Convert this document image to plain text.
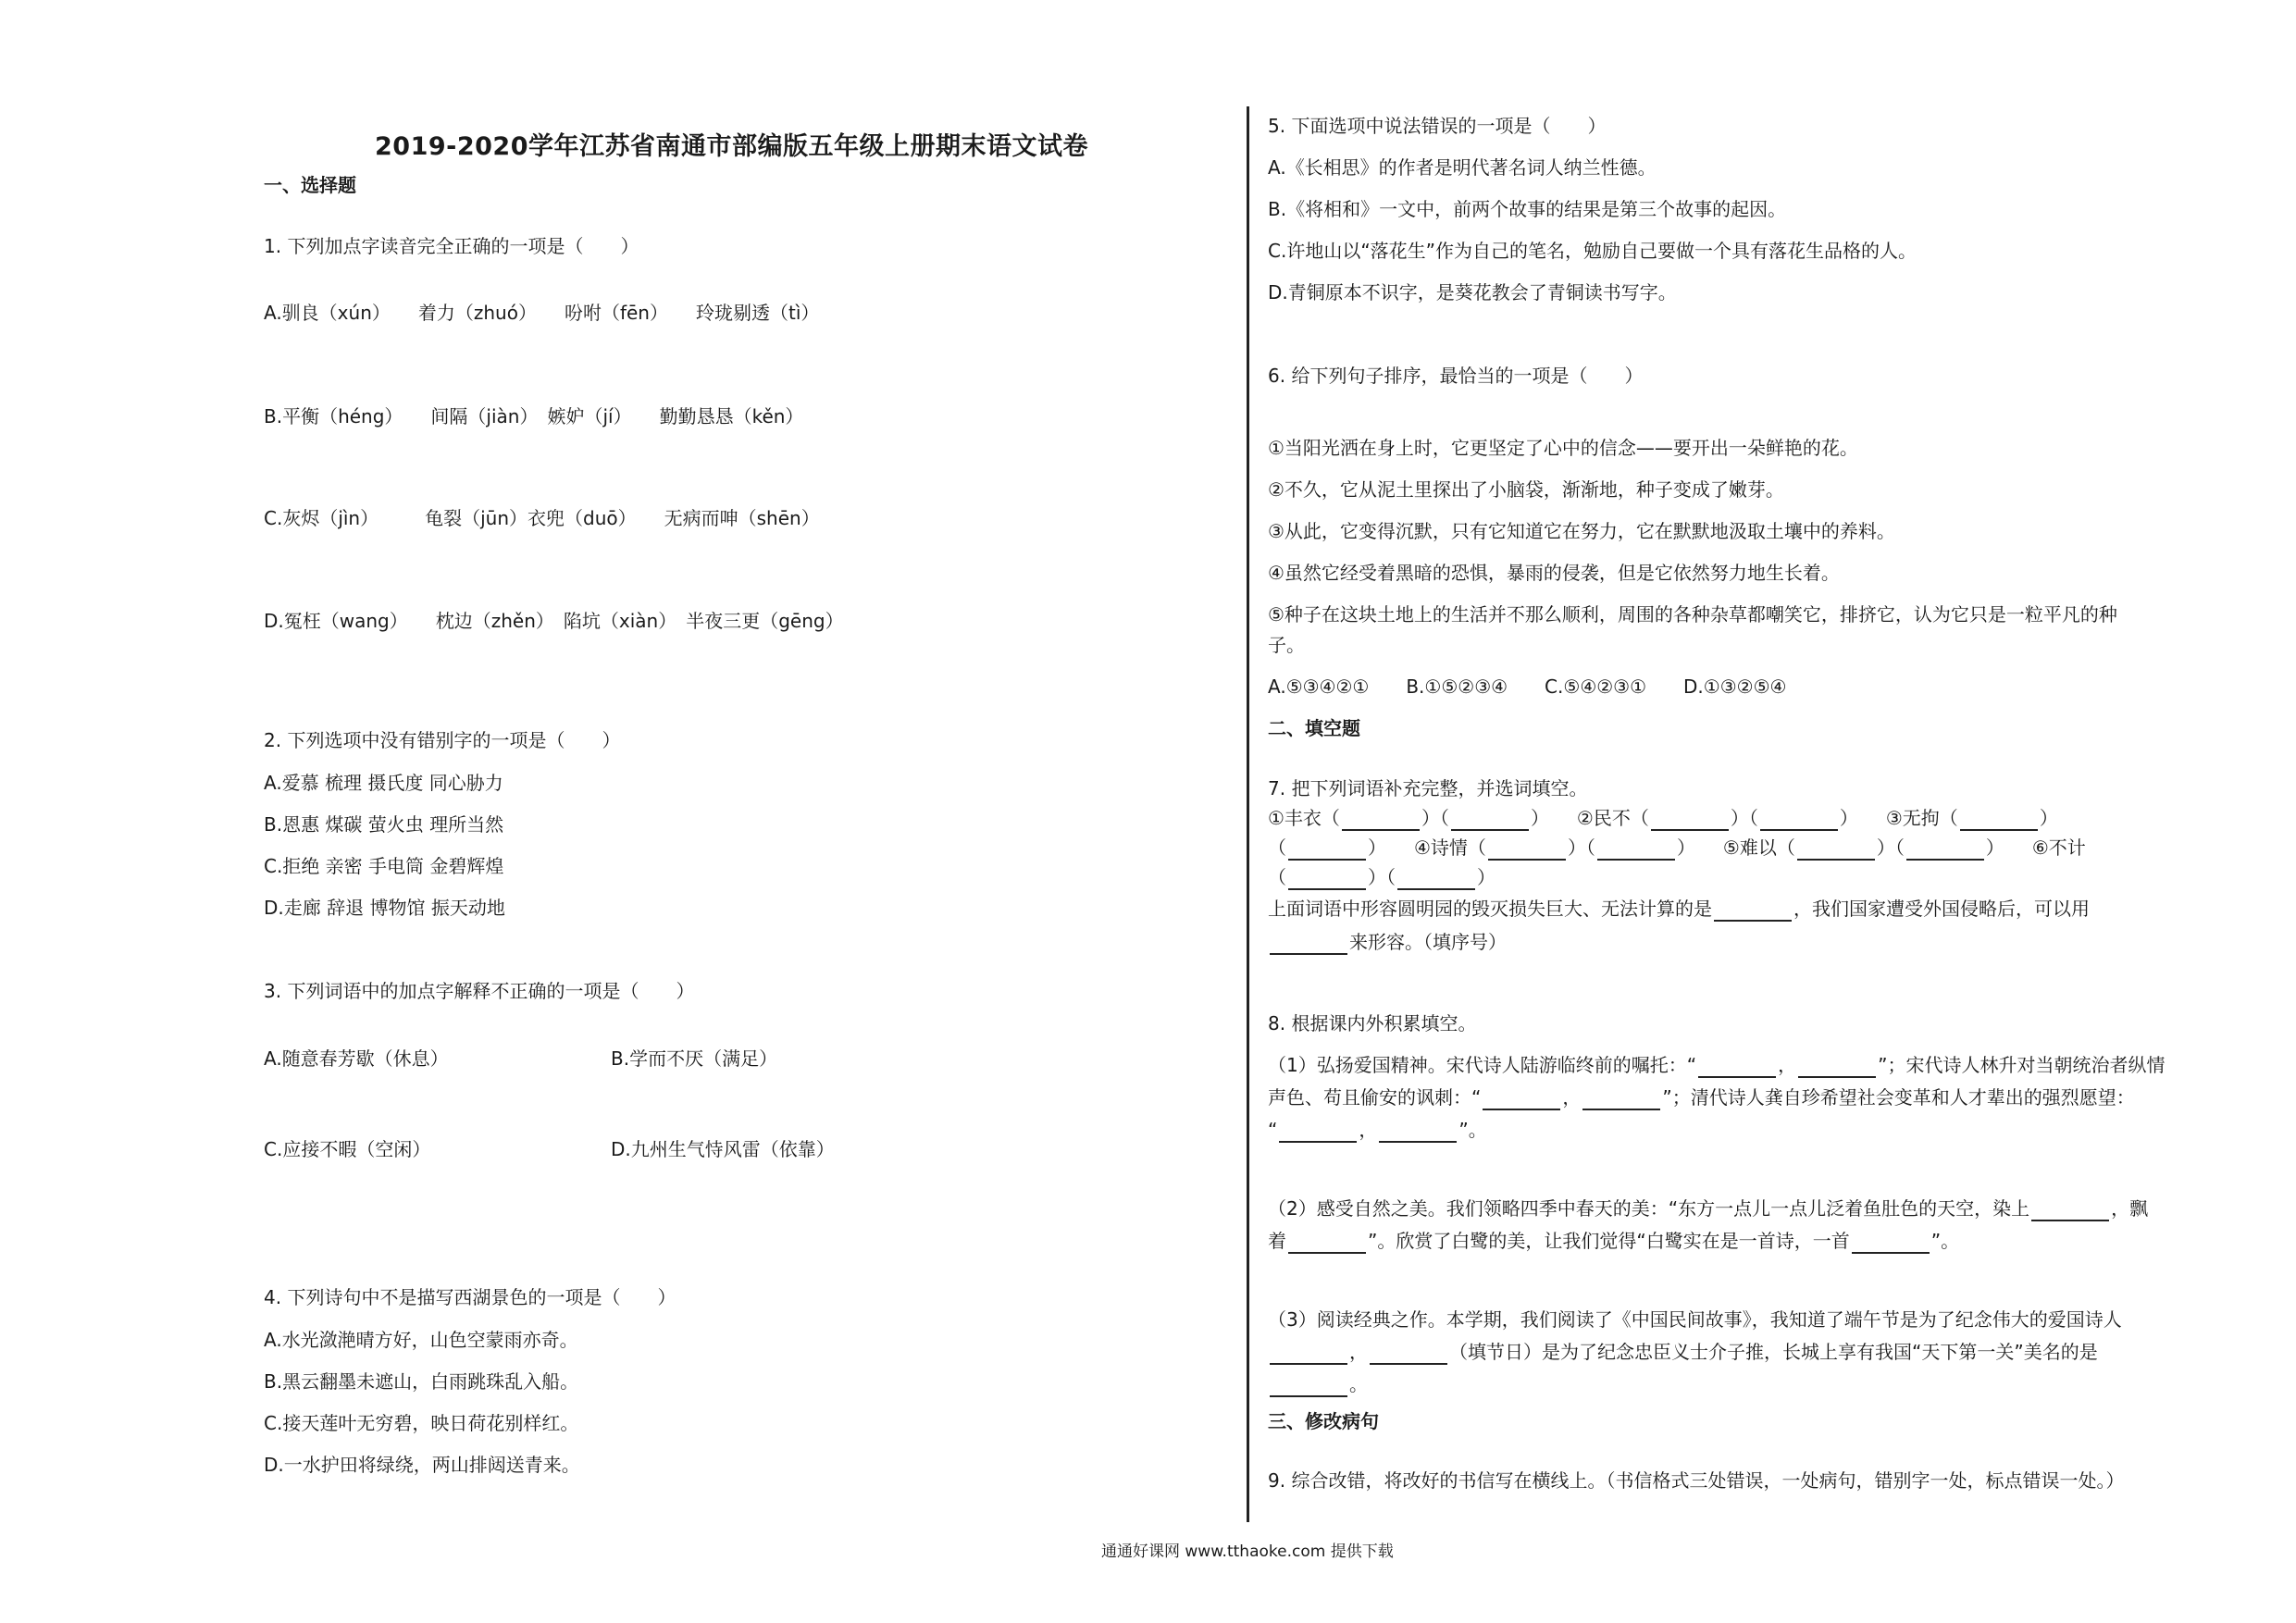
2019-2020学年江苏省南通市部编版五年级上册期末语文试卷
一、选择题
1. 下列加点字读音完全正确的一项是（　　）
A.驯良（xún）　　着力（zhuó）　　吩咐（fēn）　　玲珑剔透（tì）
B.平衡（héng）　　间隔（jiàn）　嫉妒（jí）　　勤勤恳恳（kěn）
C.灰烬（jìn）　　　龟裂（jūn）衣兜（duō）　　无病而呻（shēn）
D.冤枉（wang）　　枕边（zhěn）　陷坑（xiàn）　半夜三更（gēng）
2. 下列选项中没有错别字的一项是（　　）
A.爱慕 梳理 摄氏度 同心胁力
B.恩惠 煤碳 萤火虫 理所当然
C.拒绝 亲密 手电筒 金碧辉煌
D.走廊 辞退 博物馆 振天动地
3. 下列词语中的加点字解释不正确的一项是（　　）
A.随意春芳歇（休息）	B.学而不厌（满足）
C.应接不暇（空闲）	D.九州生气恃风雷（依靠）
4. 下列诗句中不是描写西湖景色的一项是（　　）
A.水光潋滟晴方好，山色空蒙雨亦奇。
B.黑云翻墨未遮山，白雨跳珠乱入船。
C.接天莲叶无穷碧，映日荷花别样红。
D.一水护田将绿绕，两山排闼送青来。
5. 下面选项中说法错误的一项是（　　）
A.《长相思》的作者是明代著名词人纳兰性德。
B.《将相和》一文中，前两个故事的结果是第三个故事的起因。
C.许地山以“落花生”作为自己的笔名，勉励自己要做一个具有落花生品格的人。
D.青铜原本不识字，是葵花教会了青铜读书写字。
6. 给下列句子排序，最恰当的一项是（　　）
①当阳光洒在身上时，它更坚定了心中的信念——要开出一朵鲜艳的花。
②不久，它从泥土里探出了小脑袋，渐渐地，种子变成了嫩芽。
③从此，它变得沉默，只有它知道它在努力，它在默默地汲取土壤中的养料。
④虽然它经受着黑暗的恐惧，暴雨的侵袭，但是它依然努力地生长着。
⑤种子在这块土地上的生活并不那么顺利，周围的各种杂草都嘲笑它，排挤它，认为它只是一粒平凡的种
子。
A.⑤③④②①　　B.①⑤②③④　　C.⑤④②③①　　D.①③②⑤④
二、填空题
7. 把下列词语补充完整，并选词填空。
①丰衣（	）（	）　　②民不（	）（	）　　③无拘（	）
（	）　　④诗情（	）（	）　　⑤难以（	）（	）　　⑥不计
（	）（	）
上面词语中形容圆明园的毁灭损失巨大、无法计算的是	，我们国家遭受外国侵略后，可以用
来形容。（填序号）
8. 根据课内外积累填空。
（1）弘扬爱国精神。宋代诗人陆游临终前的嘱托：“	，	”；宋代诗人林升对当朝统治者纵情
声色、苟且偷安的讽刺：“	，	”；清代诗人龚自珍希望社会变革和人才辈出的强烈愿望：
“	，	”。
（2）感受自然之美。我们领略四季中春天的美：“东方一点儿一点儿泛着鱼肚色的天空，染上	，飘
着	”。欣赏了白鹭的美，让我们觉得“白鹭实在是一首诗，一首	”。
（3）阅读经典之作。本学期，我们阅读了《中国民间故事》，我知道了端午节是为了纪念伟大的爱国诗人
，	（填节日）是为了纪念忠臣义士介子推，长城上享有我国“天下第一关”美名的是
。
三、修改病句
9. 综合改错，将改好的书信写在横线上。（书信格式三处错误，一处病句，错别字一处，标点错误一处。）
通通好课网 www.tthaoke.com 提供下载
